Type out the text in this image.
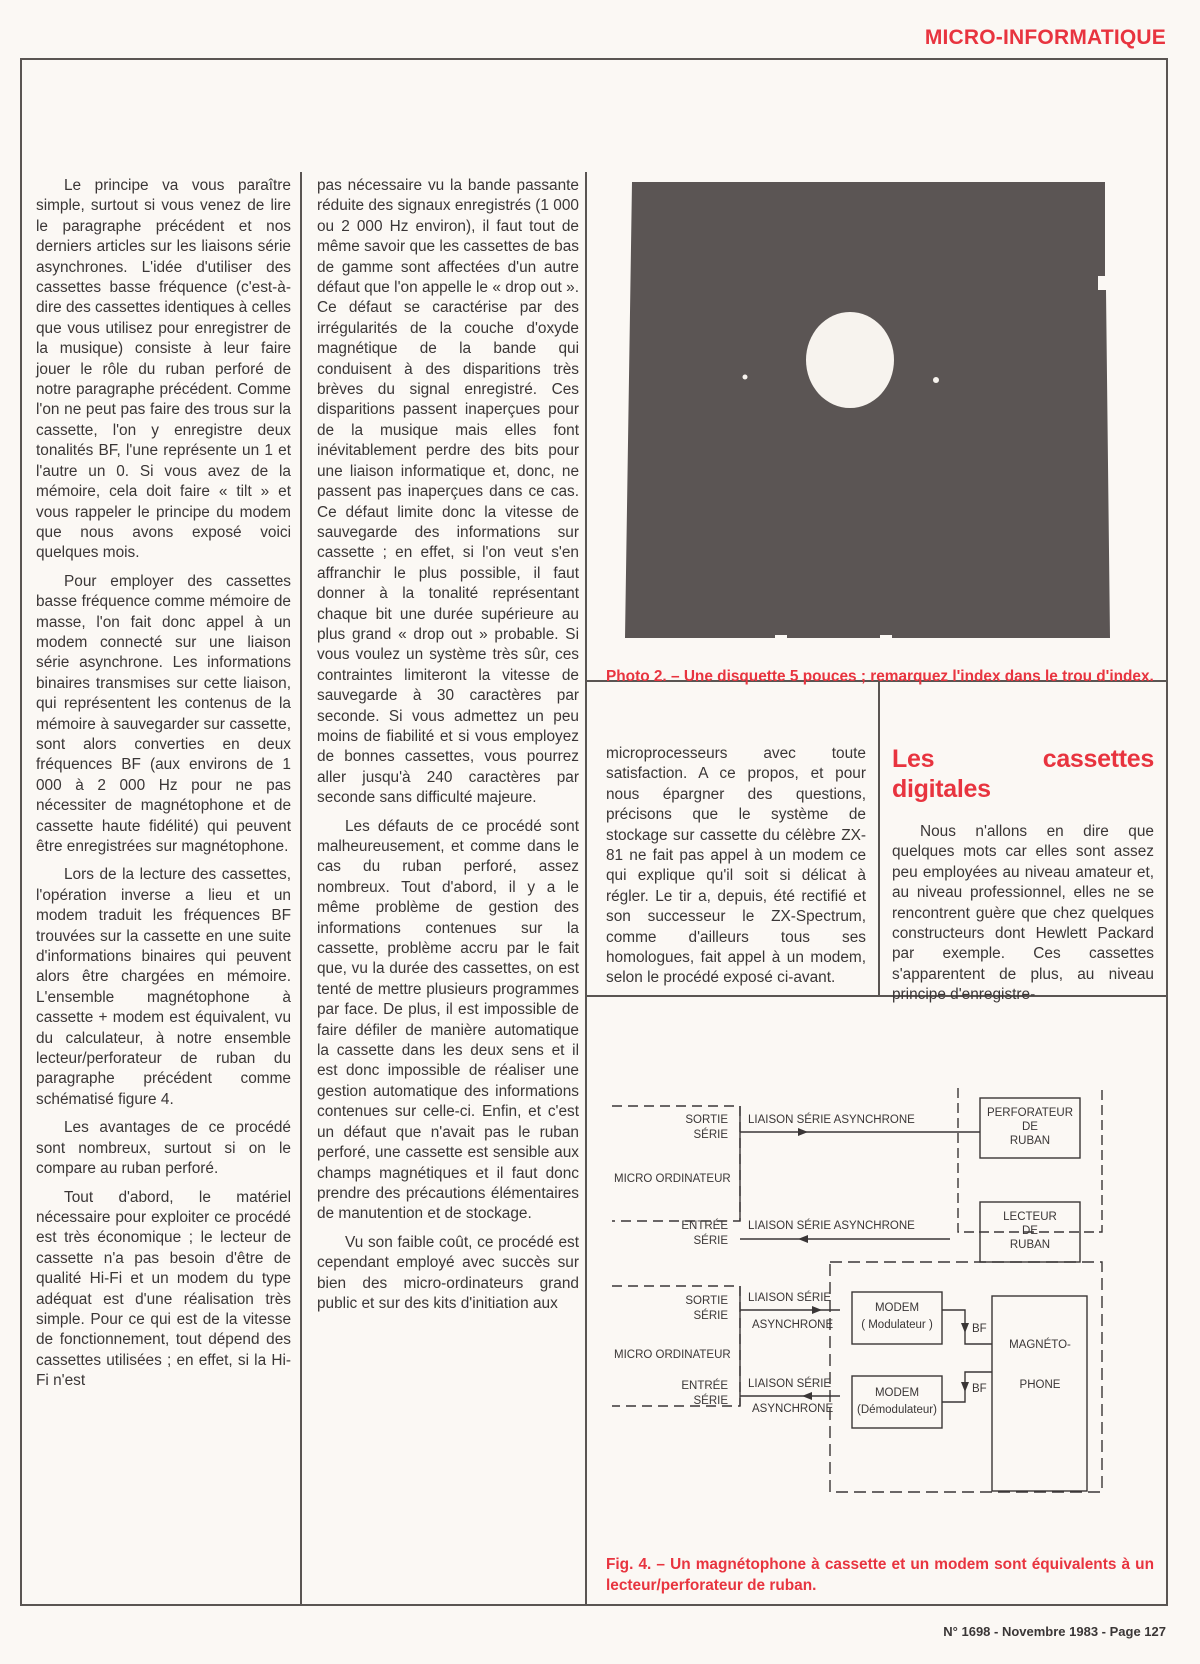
MICRO-INFORMATIQUE

Le principe va vous paraître simple, surtout si vous venez de lire le paragraphe précédent et nos derniers articles sur les liaisons série asynchrones. L'idée d'utiliser des cassettes basse fréquence (c'est-à-dire des cassettes identiques à celles que vous utilisez pour enregistrer de la musique) consiste à leur faire jouer le rôle du ruban perforé de notre paragraphe précédent. Comme l'on ne peut pas faire des trous sur la cassette, l'on y enregistre deux tonalités BF, l'une représente un 1 et l'autre un 0. Si vous avez de la mémoire, cela doit faire « tilt » et vous rappeler le principe du modem que nous avons exposé voici quelques mois.

Pour employer des cassettes basse fréquence comme mémoire de masse, l'on fait donc appel à un modem connecté sur une liaison série asynchrone. Les informations binaires transmises sur cette liaison, qui représentent les contenus de la mémoire à sauvegarder sur cassette, sont alors converties en deux fréquences BF (aux environs de 1 000 à 2 000 Hz pour ne pas nécessiter de magnétophone et de cassette haute fidélité) qui peuvent être enregistrées sur magnétophone.

Lors de la lecture des cassettes, l'opération inverse a lieu et un modem traduit les fréquences BF trouvées sur la cassette en une suite d'informations binaires qui peuvent alors être chargées en mémoire. L'ensemble magnétophone à cassette + modem est équivalent, vu du calculateur, à notre ensemble lecteur/perforateur de ruban du paragraphe précédent comme schématisé figure 4.

Les avantages de ce procédé sont nombreux, surtout si on le compare au ruban perforé.

Tout d'abord, le matériel nécessaire pour exploiter ce procédé est très économique ; le lecteur de cassette n'a pas besoin d'être de qualité Hi-Fi et un modem du type adéquat est d'une réalisation très simple. Pour ce qui est de la vitesse de fonctionnement, tout dépend des cassettes utilisées ; en effet, si la Hi-Fi n'est

pas nécessaire vu la bande passante réduite des signaux enregistrés (1 000 ou 2 000 Hz environ), il faut tout de même savoir que les cassettes de bas de gamme sont affectées d'un autre défaut que l'on appelle le « drop out ». Ce défaut se caractérise par des irrégularités de la couche d'oxyde magnétique de la bande qui conduisent à des disparitions très brèves du signal enregistré. Ces disparitions passent inaperçues pour de la musique mais elles font inévitablement perdre des bits pour une liaison informatique et, donc, ne passent pas inaperçues dans ce cas. Ce défaut limite donc la vitesse de sauvegarde des informations sur cassette ; en effet, si l'on veut s'en affranchir le plus possible, il faut donner à la tonalité représentant chaque bit une durée supérieure au plus grand « drop out » probable. Si vous voulez un système très sûr, ces contraintes limiteront la vitesse de sauvegarde à 30 caractères par seconde. Si vous admettez un peu moins de fiabilité et si vous employez de bonnes cassettes, vous pourrez aller jusqu'à 240 caractères par seconde sans difficulté majeure.

Les défauts de ce procédé sont malheureusement, et comme dans le cas du ruban perforé, assez nombreux. Tout d'abord, il y a le même problème de gestion des informations contenues sur la cassette, problème accru par le fait que, vu la durée des cassettes, on est tenté de mettre plusieurs programmes par face. De plus, il est impossible de faire défiler de manière automatique la cassette dans les deux sens et il est donc impossible de réaliser une gestion automatique des informations contenues sur celle-ci. Enfin, et c'est un défaut que n'avait pas le ruban perforé, une cassette est sensible aux champs magnétiques et il faut donc prendre des précautions élémentaires de manutention et de stockage.

Vu son faible coût, ce procédé est cependant employé avec succès sur bien des micro-ordinateurs grand public et sur des kits d'initiation aux

Photo 2. – Une disquette 5 pouces ; remarquez l'index dans le trou d'index.

microprocesseurs avec toute satisfaction. A ce propos, et pour nous épargner des questions, précisons que le système de stockage sur cassette du célèbre ZX-81 ne fait pas appel à un modem ce qui explique qu'il soit si délicat à régler. Le tir a, depuis, été rectifié et son successeur le ZX-Spectrum, comme d'ailleurs tous ses homologues, fait appel à un modem, selon le procédé exposé ci-avant.

Les cassettes digitales

Nous n'allons en dire que quelques mots car elles sont assez peu employées au niveau amateur et, au niveau professionnel, elles ne se rencontrent guère que chez quelques constructeurs dont Hewlett Packard par exemple. Ces cassettes s'apparentent de plus, au niveau principe d'enregistre-

SORTIE
SÉRIE
LIAISON SÉRIE ASYNCHRONE
MICRO ORDINATEUR
ENTRÉE
SÉRIE
LIAISON SÉRIE ASYNCHRONE
PERFORATEUR
DE
RUBAN
LECTEUR
DE
RUBAN
SORTIE
SÉRIE
LIAISON SÉRIE
ASYNCHRONE
MICRO ORDINATEUR
ENTRÉE
SÉRIE
LIAISON SÉRIE
ASYNCHRONE
MODEM
( Modulateur )
MODEM
(Démodulateur)
BF
BF
MAGNÉTO-
PHONE
Fig. 4. – Un magnétophone à cassette et un modem sont équivalents à un lecteur/perforateur de ruban.
N° 1698 - Novembre 1983 - Page 127
